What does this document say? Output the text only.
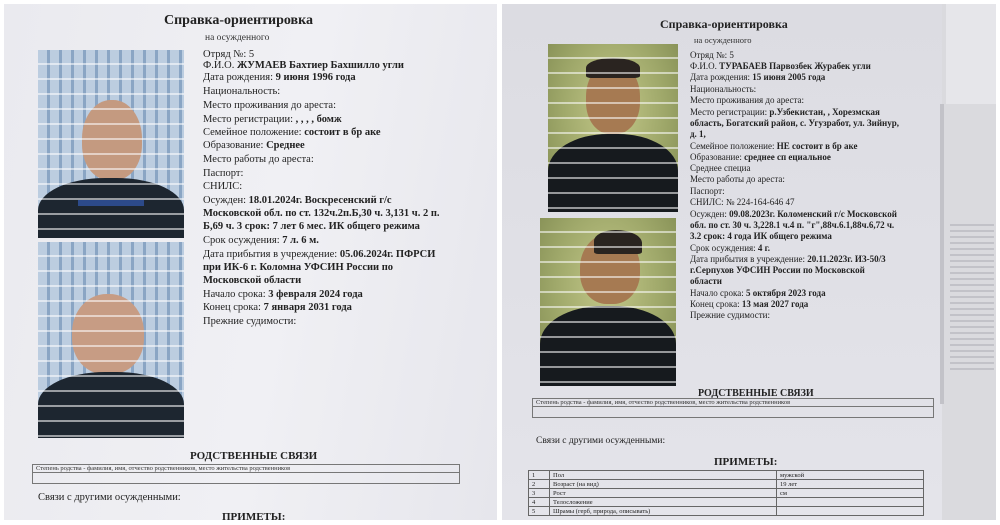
Справка-ориентировка
на осужденного
Отряд №: 5
Ф.И.О. ЖУМАЕВ Бахтиер Бахшилло угли
Дата рождения: 9 июня 1996 года
Национальность:
Место проживания до ареста:
Место регистрации: , , , , бомж
Семейное положение: состоит в бр аке
Образование: Среднее
Место работы до ареста:
Паспорт:
СНИЛС:
Осужден: 18.01.2024г. Воскресенский г/с
Московской обл. по ст. 132ч.2п.Б,30 ч. 3,131 ч. 2 п.
Б,69 ч. 3 срок: 7 лет 6 мес. ИК общего режима
Срок осуждения: 7 л. 6 м.
Дата прибытия в учреждение: 05.06.2024г. ПФРСИ
при ИК-6 г. Коломна УФСИН России по
Московской области
Начало срока: 3 февраля 2024 года
Конец срока: 7 января 2031 года
Прежние судимости:
РОДСТВЕННЫЕ СВЯЗИ
Степень родства - фамилия, имя, отчество родственников, место жительства родственников
Связи с другими осужденными:
ПРИМЕТЫ:
Справка-ориентировка
на осужденного
Отряд №: 5
Ф.И.О. ТУРАБАЕВ Парвозбек Журабек угли
Дата рождения: 15 июня 2005 года
Национальность:
Место проживания до ареста:
Место регистрации: р.Узбекистан, , Хорезмская
область, Богатский район, с. Угузработ, ул. Зийнур,
д. 1,
Семейное положение: НЕ состоит в бр аке
Образование: среднее сп ециальное
Среднее специа
Место работы до ареста:
Паспорт:
СНИЛС: № 224-164-646 47
Осужден: 09.08.2023г. Коломенский г/с Московской
обл. по ст. 30 ч. 3,228.1 ч.4 п. "г",88ч.6.1,88ч.6,72 ч.
3.2 срок: 4 года ИК общего режима
Срок осуждения: 4 г.
Дата прибытия в учреждение: 20.11.2023г. ИЗ-50/3
г.Серпухов УФСИН России по Московской
области
Начало срока: 5 октября 2023 года
Конец срока: 13 мая 2027 года
Прежние судимости:
РОДСТВЕННЫЕ СВЯЗИ
Степень родства - фамилия, имя, отчество родственников, место жительства родственников
Связи с другими осужденными:
ПРИМЕТЫ:
1	Пол	мужской
2	Возраст (на вид)	19 лет
3	Рост	см
4	Телосложение	
5	Шрамы (герб, природа, описывать)	
